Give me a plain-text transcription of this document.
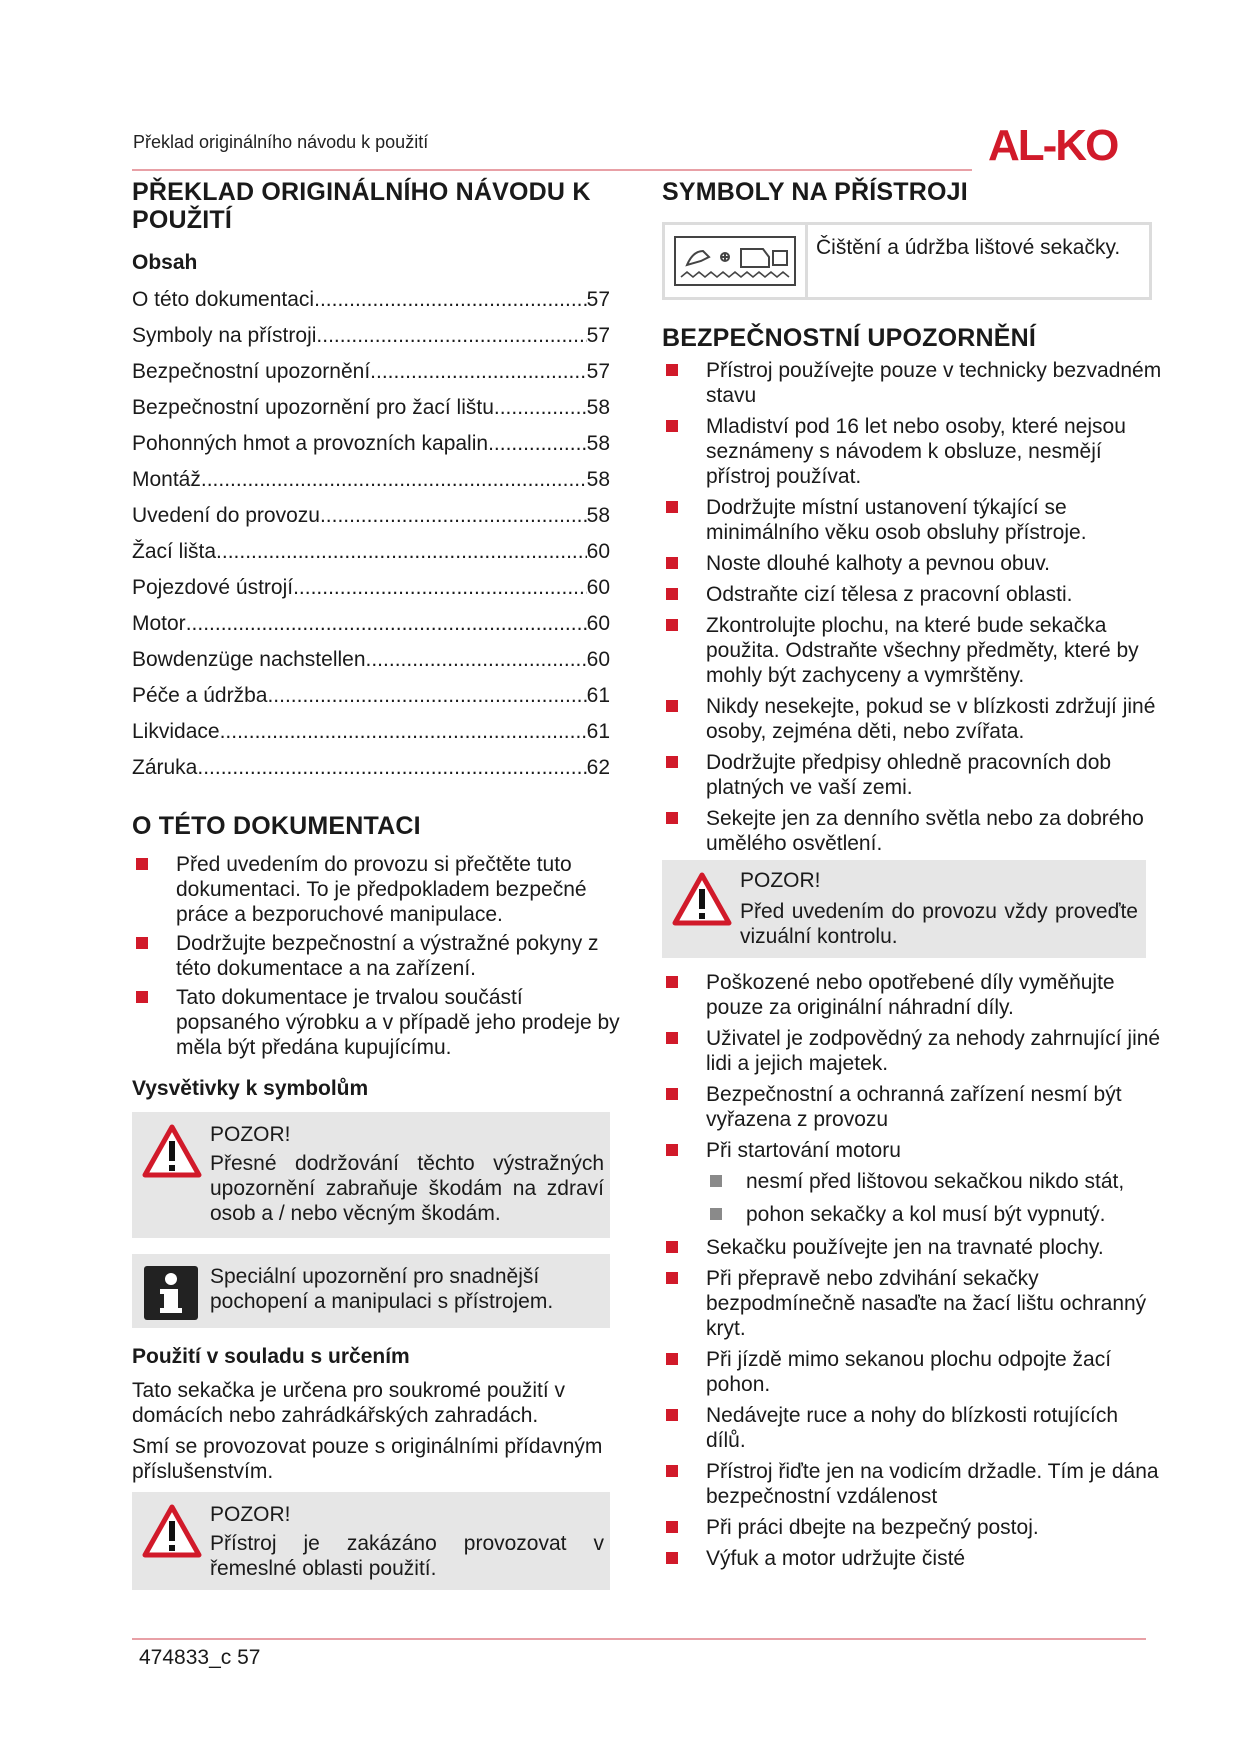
Překlad originálního návodu k použití	AL-KO
PŘEKLAD ORIGINÁLNÍHO NÁVODU K POUŽITÍ
Obsah
O této dokumentaci .....	57
Symboly na přístroji .....	57
Bezpečnostní upozornění .....	57
Bezpečnostní upozornění pro žací lištu .....	58
Pohonných hmot a provozních kapalin .....	58
Montáž .....	58
Uvedení do provozu .....	58
Žací lišta .....	60
Pojezdové ústrojí .....	60
Motor .....	60
Bowdenzüge nachstellen .....	60
Péče a údržba .....	61
Likvidace .....	61
Záruka .....	62
O TÉTO DOKUMENTACI
Před uvedením do provozu si přečtěte tuto dokumentaci. To je předpokladem bezpečné práce a bezporuchové manipulace.
Dodržujte bezpečnostní a výstražné pokyny z této dokumentace a na zařízení.
Tato dokumentace je trvalou součástí popsaného výrobku a v případě jeho prodeje by měla být předána kupujícímu.
Vysvětivky k symbolům
POZOR!
Přesné dodržování těchto výstražných upozornění zabraňuje škodám na zdraví osob a / nebo věcným škodám.
Speciální upozornění pro snadnější pochopení a manipulaci s přístrojem.
Použití v souladu s určením

Tato sekačka je určena pro soukromé použití v domácích nebo zahrádkářských zahradách.

Smí se provozovat pouze s originálními přídavným příslušenstvím.

POZOR!
Přístroj je zakázáno provozovat v řemeslné oblasti použití.
SYMBOLY NA PŘÍSTROJI
Čištění a údržba lištové sekačky.
BEZPEČNOSTNÍ UPOZORNĚNÍ
Přístroj používejte pouze v technicky bezvadném stavu
Mladiství pod 16 let nebo osoby, které nejsou seznámeny s návodem k obsluze, nesmějí přístroj používat.
Dodržujte místní ustanovení týkající se minimálního věku osob obsluhy přístroje.
Noste dlouhé kalhoty a pevnou obuv.
Odstraňte cizí tělesa z pracovní oblasti.
Zkontrolujte plochu, na které bude sekačka použita. Odstraňte všechny předměty, které by mohly být zachyceny a vymrštěny.
Nikdy nesekejte, pokud se v blízkosti zdržují jiné osoby, zejména děti, nebo zvířata.
Dodržujte předpisy ohledně pracovních dob platných ve vaší zemi.
Sekejte jen za denního světla nebo za dobrého umělého osvětlení.
POZOR!
Před uvedením do provozu vždy proveďte vizuální kontrolu.
Poškozené nebo opotřebené díly vyměňujte pouze za originální náhradní díly.
Uživatel je zodpovědný za nehody zahrnující jiné lidi a jejich majetek.
Bezpečnostní a ochranná zařízení nesmí být vyřazena z provozu
Při startování motoru
nesmí před lištovou sekačkou nikdo stát,
pohon sekačky a kol musí být vypnutý.
Sekačku používejte jen na travnaté plochy.
Při přepravě nebo zdvihání sekačky bezpodmínečně nasaďte na žací lištu ochranný kryt.
Při jízdě mimo sekanou plochu odpojte žací pohon.
Nedávejte ruce a nohy do blízkosti rotujících dílů.
Přístroj řiďte jen na vodicím držadle. Tím je dána bezpečnostní vzdálenost
Při práci dbejte na bezpečný postoj.
Výfuk a motor udržujte čisté
474833_c 57
